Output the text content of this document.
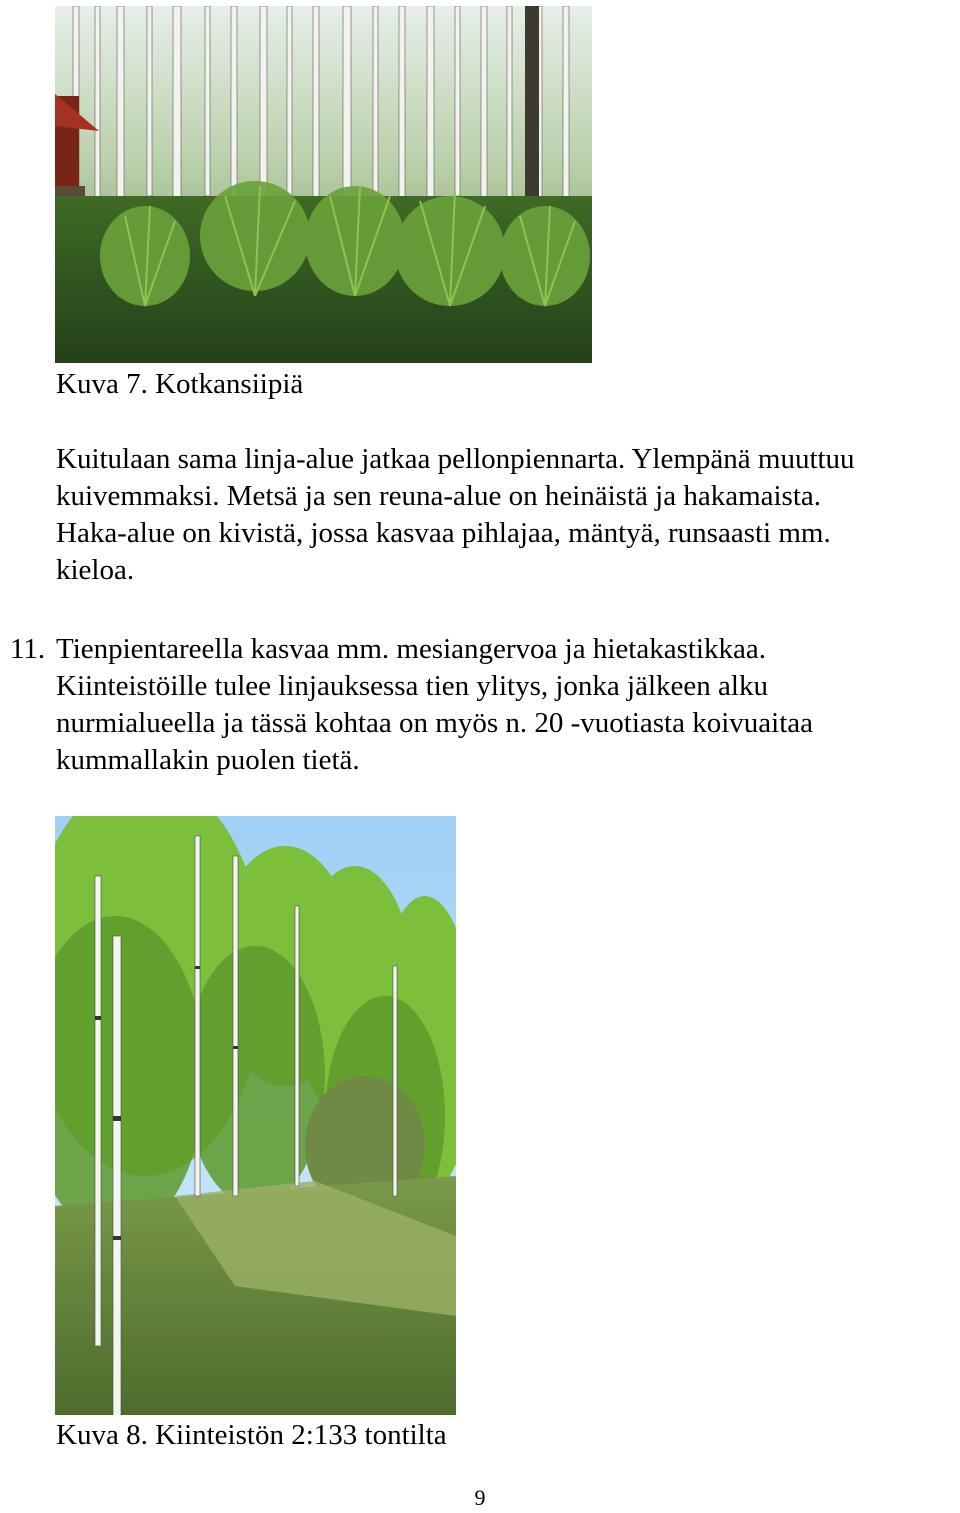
Kuva 7. Kotkansiipiä
Kuitulaan sama linja-alue jatkaa pellonpiennarta. Ylempänä muuttuu
kuivemmaksi. Metsä ja sen reuna-alue on heinäistä ja hakamaista.
Haka-alue on kivistä, jossa kasvaa pihlajaa, mäntyä, runsaasti mm.
kieloa.
11. Tienpientareella kasvaa mm. mesiangervoa ja hietakastikkaa.
Kiinteistöille tulee linjauksessa tien ylitys, jonka jälkeen alku
nurmialueella ja tässä kohtaa on myös n. 20 -vuotiasta koivuaitaa
kummallakin puolen tietä.
Kuva 8. Kiinteistön 2:133 tontilta
9
